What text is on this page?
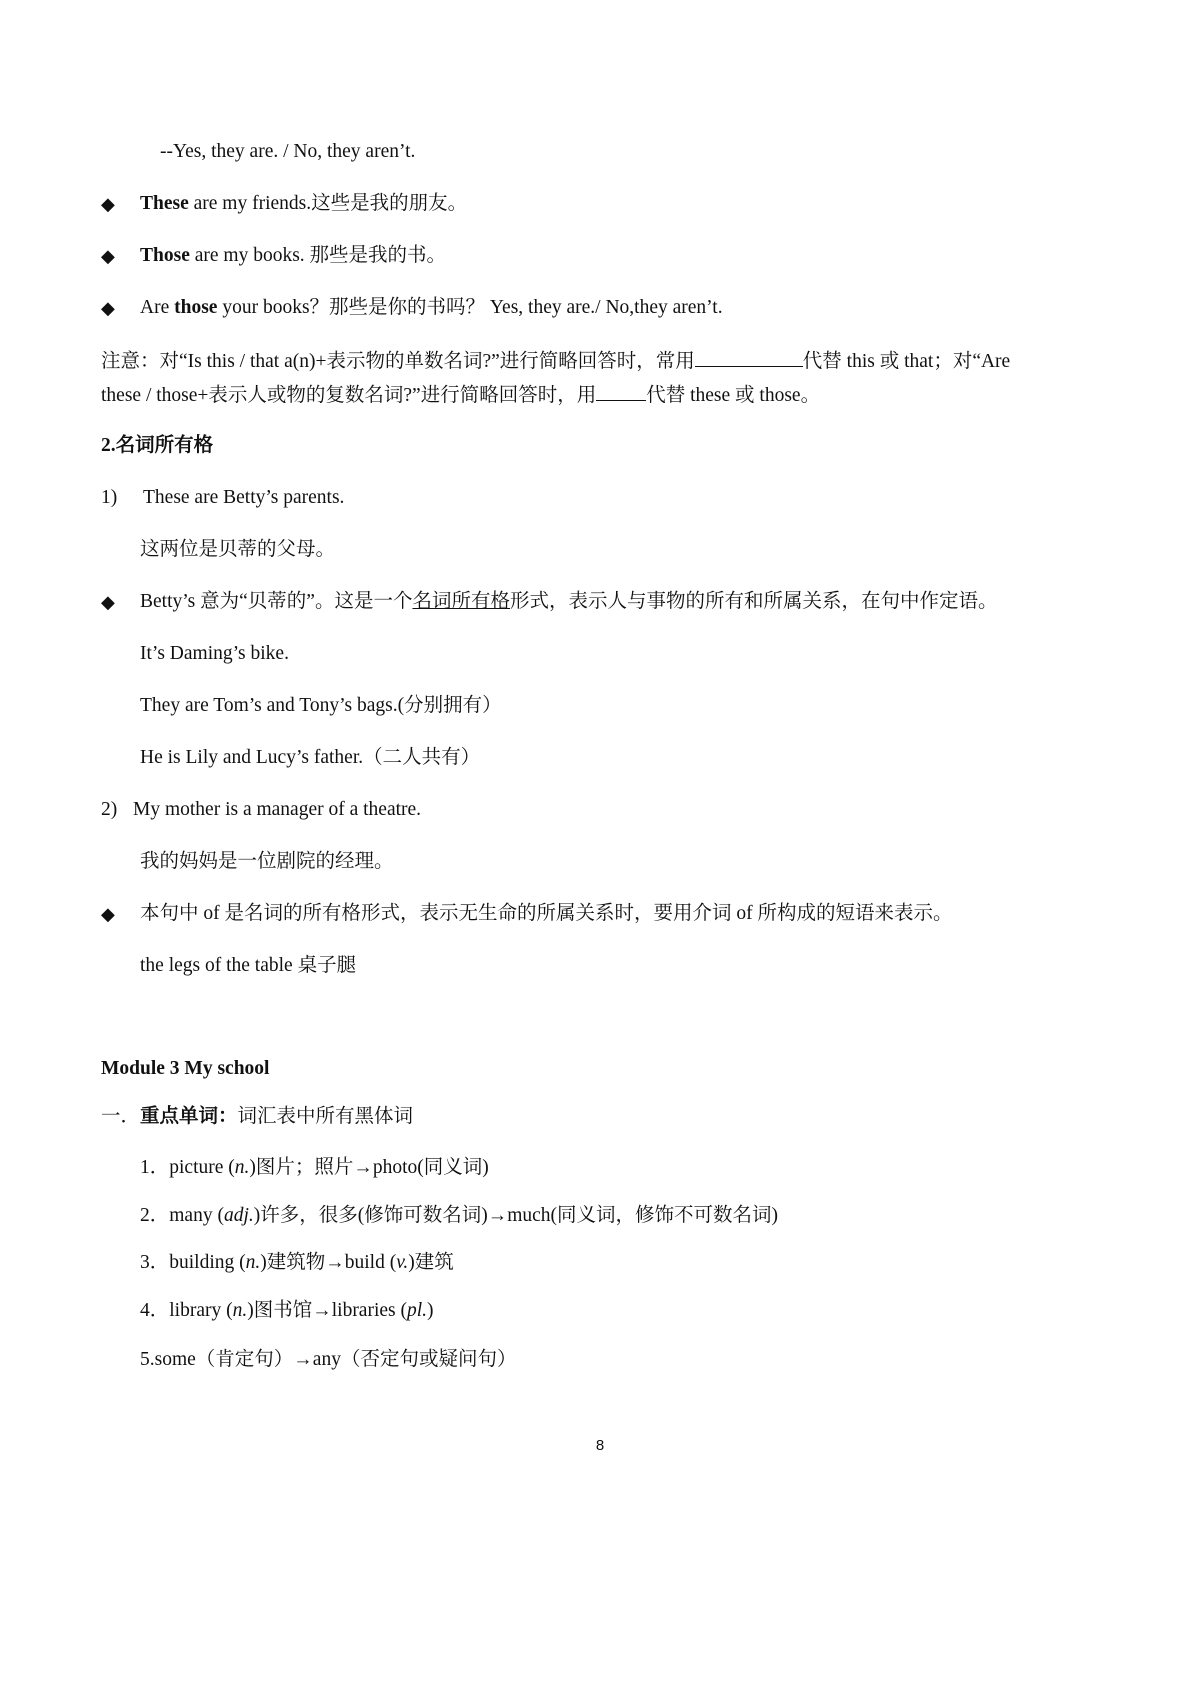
--Yes, they are. / No, they aren’t.
◆ These are my friends.这些是我的朋友。
◆ Those are my books. 那些是我的书。
◆ Are those your books？那些是你的书吗？ Yes, they are./ No,they aren’t.
注意：对“Is this / that a(n)+表示物的单数名词?”进行简略回答时，常用	代替 this 或 that；对“Are
these / those+表示人或物的复数名词?”进行简略回答时，用	代替 these 或 those。
2.名词所有格
1) These are Betty’s parents.
这两位是贝蒂的父母。
◆ Betty’s 意为“贝蒂的”。这是一个名词所有格形式，表示人与事物的所有和所属关系，在句中作定语。
It’s Daming’s bike.
They are Tom’s and Tony’s bags.(分别拥有）
He is Lily and Lucy’s father.（二人共有）
2) My mother is a manager of a theatre.
我的妈妈是一位剧院的经理。
◆ 本句中 of 是名词的所有格形式，表示无生命的所属关系时，要用介词 of 所构成的短语来表示。
the legs of the table 桌子腿
Module 3 My school
一．重点单词：词汇表中所有黑体词
1．picture (n.)图片；照片→photo(同义词)
2．many (adj.)许多，很多(修饰可数名词)→much(同义词，修饰不可数名词)
3．building (n.)建筑物→build (v.)建筑
4．library (n.)图书馆→libraries (pl.)
5.some（肯定句）→any（否定句或疑问句）
8
